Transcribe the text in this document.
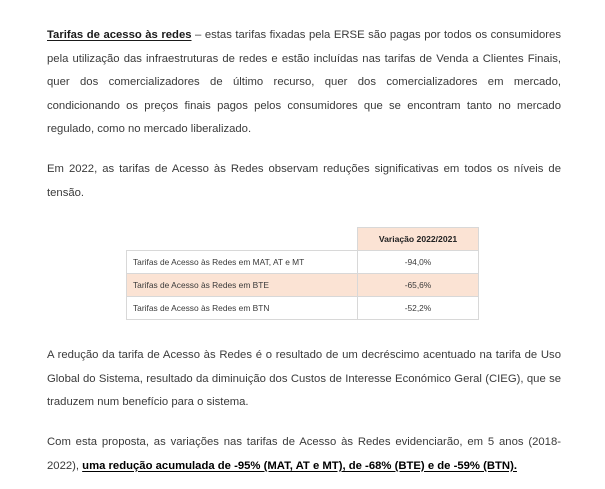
Tarifas de acesso às redes – estas tarifas fixadas pela ERSE são pagas por todos os consumidores pela utilização das infraestruturas de redes e estão incluídas nas tarifas de Venda a Clientes Finais, quer dos comercializadores de último recurso, quer dos comercializadores em mercado, condicionando os preços finais pagos pelos consumidores que se encontram tanto no mercado regulado, como no mercado liberalizado.

Em 2022, as tarifas de Acesso às Redes observam reduções significativas em todos os níveis de tensão.

	Variação 2022/2021
Tarifas de Acesso às Redes em MAT, AT e MT	-94,0%
Tarifas de Acesso às Redes em BTE	-65,6%
Tarifas de Acesso às Redes em BTN	-52,2%

A redução da tarifa de Acesso às Redes é o resultado de um decréscimo acentuado na tarifa de Uso Global do Sistema, resultado da diminuição dos Custos de Interesse Económico Geral (CIEG), que se traduzem num benefício para o sistema.

Com esta proposta, as variações nas tarifas de Acesso às Redes evidenciarão, em 5 anos (2018-2022), uma redução acumulada de -95% (MAT, AT e MT), de -68% (BTE) e de -59% (BTN).
